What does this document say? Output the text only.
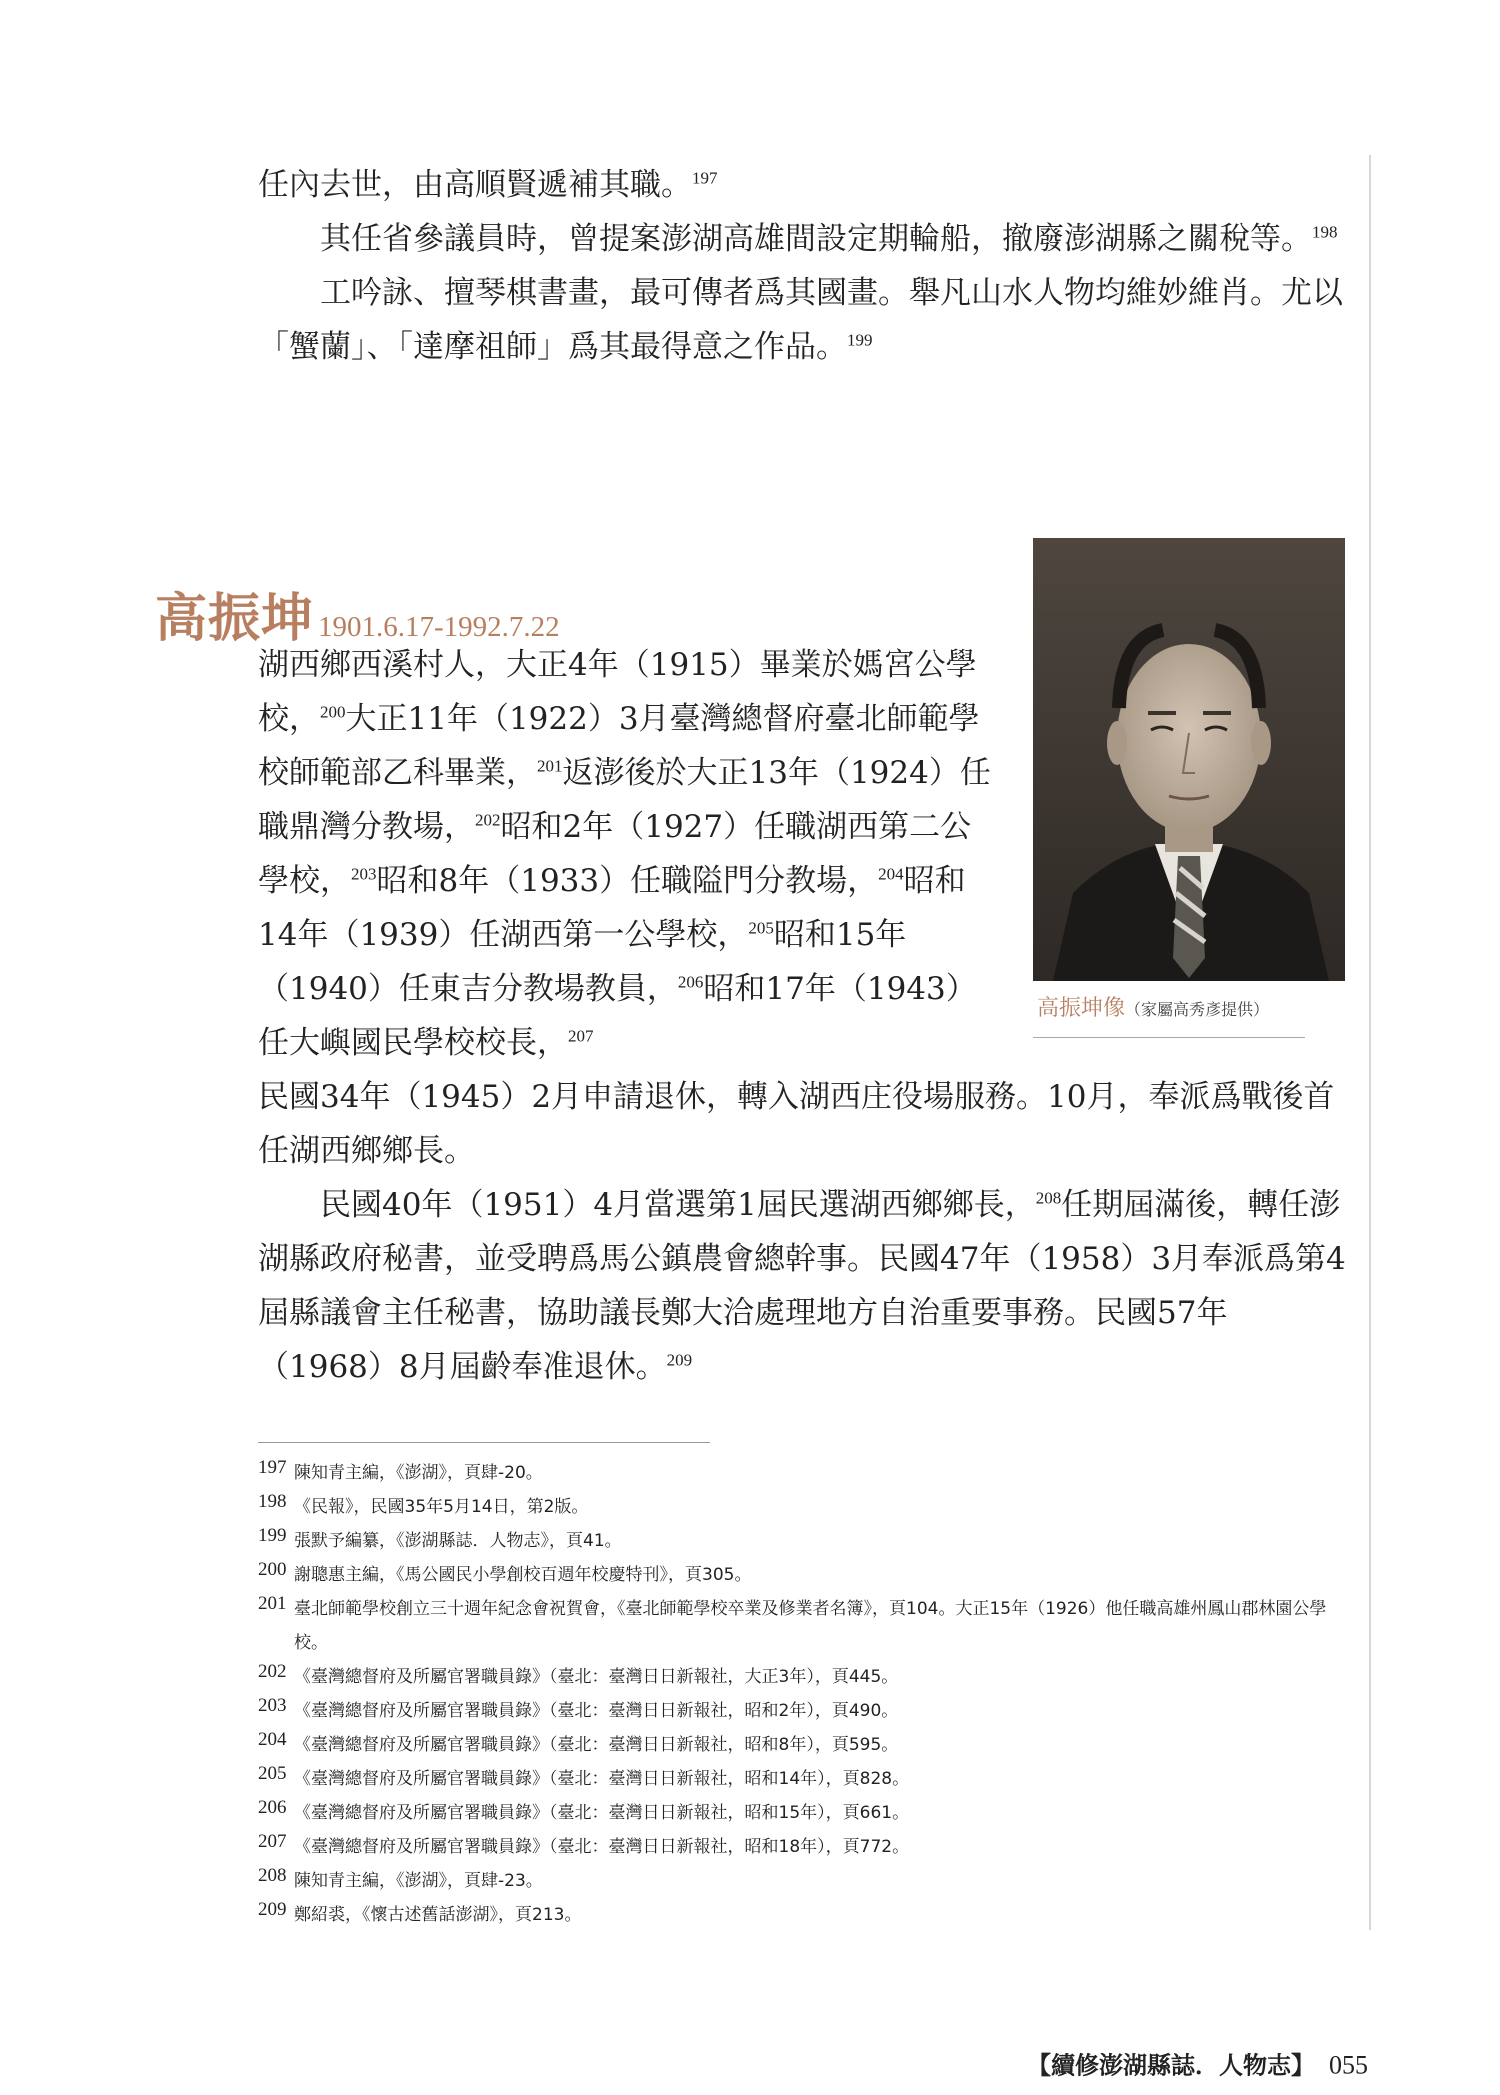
任內去世，由高順賢遞補其職。$^{197}$

其任省參議員時，曾提案澎湖高雄間設定期輪船，撤廢澎湖縣之關稅等。$^{198}$

工吟詠、擅琴棋書畫，最可傳者爲其國畫。舉凡山水人物均維妙維肖。尤以「蟹蘭」、「達摩祖師」爲其最得意之作品。$^{199}$

高振坤 1901.6.17-1992.7.22
高振坤像（家屬高秀彥提供）
湖西鄉西溪村人，大正4年（1915）畢業於媽宮公學校，$^{200}$大正11年（1922）3月臺灣總督府臺北師範學校師範部乙科畢業，$^{201}$返澎後於大正13年（1924）任職鼎灣分教場，$^{202}$昭和2年（1927）任職湖西第二公學校，$^{203}$昭和8年（1933）任職隘門分教場，$^{204}$昭和14年（1939）任湖西第一公學校，$^{205}$昭和15年（1940）任東吉分教場教員，$^{206}$昭和17年（1943）任大嶼國民學校校長，$^{207}$

民國34年（1945）2月申請退休，轉入湖西庄役場服務。10月，奉派爲戰後首任湖西鄉鄉長。

民國40年（1951）4月當選第1屆民選湖西鄉鄉長，$^{208}$任期屆滿後，轉任澎湖縣政府秘書，並受聘爲馬公鎮農會總幹事。民國47年（1958）3月奉派爲第4屆縣議會主任秘書，協助議長鄭大洽處理地方自治重要事務。民國57年（1968）8月屆齡奉准退休。$^{209}$

197 陳知青主編，《澎湖》，頁肆-20。
198 《民報》，民國35年5月14日，第2版。
199 張默予編纂，《澎湖縣誌．人物志》，頁41。
200 謝聰惠主編，《馬公國民小學創校百週年校慶特刊》，頁305。
201 臺北師範學校創立三十週年紀念會祝賀會，《臺北師範學校卒業及修業者名簿》，頁104。大正15年（1926）他任職高雄州鳳山郡林園公學校。
202 《臺灣總督府及所屬官署職員錄》（臺北：臺灣日日新報社，大正3年），頁445。
203 《臺灣總督府及所屬官署職員錄》（臺北：臺灣日日新報社，昭和2年），頁490。
204 《臺灣總督府及所屬官署職員錄》（臺北：臺灣日日新報社，昭和8年），頁595。
205 《臺灣總督府及所屬官署職員錄》（臺北：臺灣日日新報社，昭和14年），頁828。
206 《臺灣總督府及所屬官署職員錄》（臺北：臺灣日日新報社，昭和15年），頁661。
207 《臺灣總督府及所屬官署職員錄》（臺北：臺灣日日新報社，昭和18年），頁772。
208 陳知青主編，《澎湖》，頁肆-23。
209 鄭紹裘，《懷古述舊話澎湖》，頁213。
【續修澎湖縣誌．人物志】 055
